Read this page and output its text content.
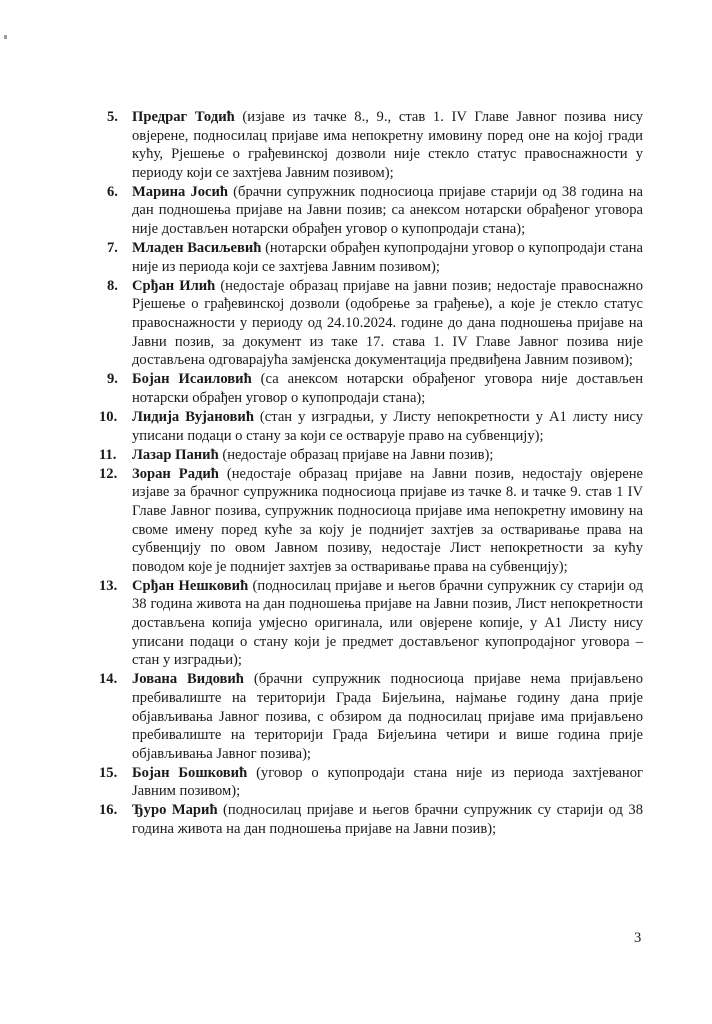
5. Предраг Тодић (изјаве из тачке 8., 9., став 1. IV Главе Јавног позива нису овјерене, подносилац пријаве има непокретну имовину поред оне на којој гради кућу, Рјешење о грађевинској дозволи није стекло статус правоснажности у периоду који се захтјева Јавним позивом);
6. Марина Јосић (брачни супружник подносиоца пријаве старији од 38 година на дан подношења пријаве на Јавни позив; са анексом нотарски обрађеног уговора није достављен нотарски обрађен уговор о купопродаји стана);
7. Младен Васиљевић (нотарски обрађен купопродајни уговор о купопродаји стана није из периода који се захтјева Јавним позивом);
8. Срђан Илић (недостаје образац пријаве на јавни позив; недостаје правоснажно Рјешење о грађевинској дозволи (одобрење за грађење), а које је стекло статус правоснажности у периоду од 24.10.2024. године до дана подношења пријаве на Јавни позив, за документ из таке 17. става 1. IV Главе Јавног позива није достављена одговарајућа замјенска документација предвиђена Јавним позивом);
9. Бојан Исаиловић (са анексом нотарски обрађеног уговора није достављен нотарски обрађен уговор о купопродаји стана);
10. Лидија Вујановић (стан у изградњи, у Листу непокретности у А1 листу нису уписани подаци о стану за који се остварује право на субвенцију);
11. Лазар Панић (недостаје образац пријаве на Јавни позив);
12. Зоран Радић (недостаје образац пријаве на Јавни позив, недостају овјерене изјаве за брачног супружника подносиоца пријаве из тачке 8. и тачке 9. став 1 IV Главе Јавног позива, супружник подносиоца пријаве има непокретну имовину на своме имену поред куће за коју је поднијет захтјев за остваривање права на субвенцију по овом Јавном позиву, недостаје Лист непокретности за кућу поводом које је поднијет захтјев за остваривање права на субвенцију);
13. Срђан Нешковић (подносилац пријаве и његов брачни супружник су старији од 38 година живота на дан подношења пријаве на Јавни позив, Лист непокретности достављена копија умјесно оригинала, или овјерене копије, у А1 Листу нису уписани подаци о стану који је предмет достављеног купопродајног уговора – стан у изградњи);
14. Јована Видовић (брачни супружник подносиоца пријаве нема пријављено пребивалиште на територији Града Бијељина, најмање годину дана прије објављивања Јавног позива, с обзиром да подносилац пријаве има пријављено пребивалиште на територији Града Бијељина четири и више година прије објављивања Јавног позива);
15. Бојан Бошковић (уговор о купопродаји стана није из периода захтјеваног Јавним позивом);
16. Ђуро Марић (подносилац пријаве и његов брачни супружник су старији од 38 година живота на дан подношења пријаве на Јавни позив);
3
